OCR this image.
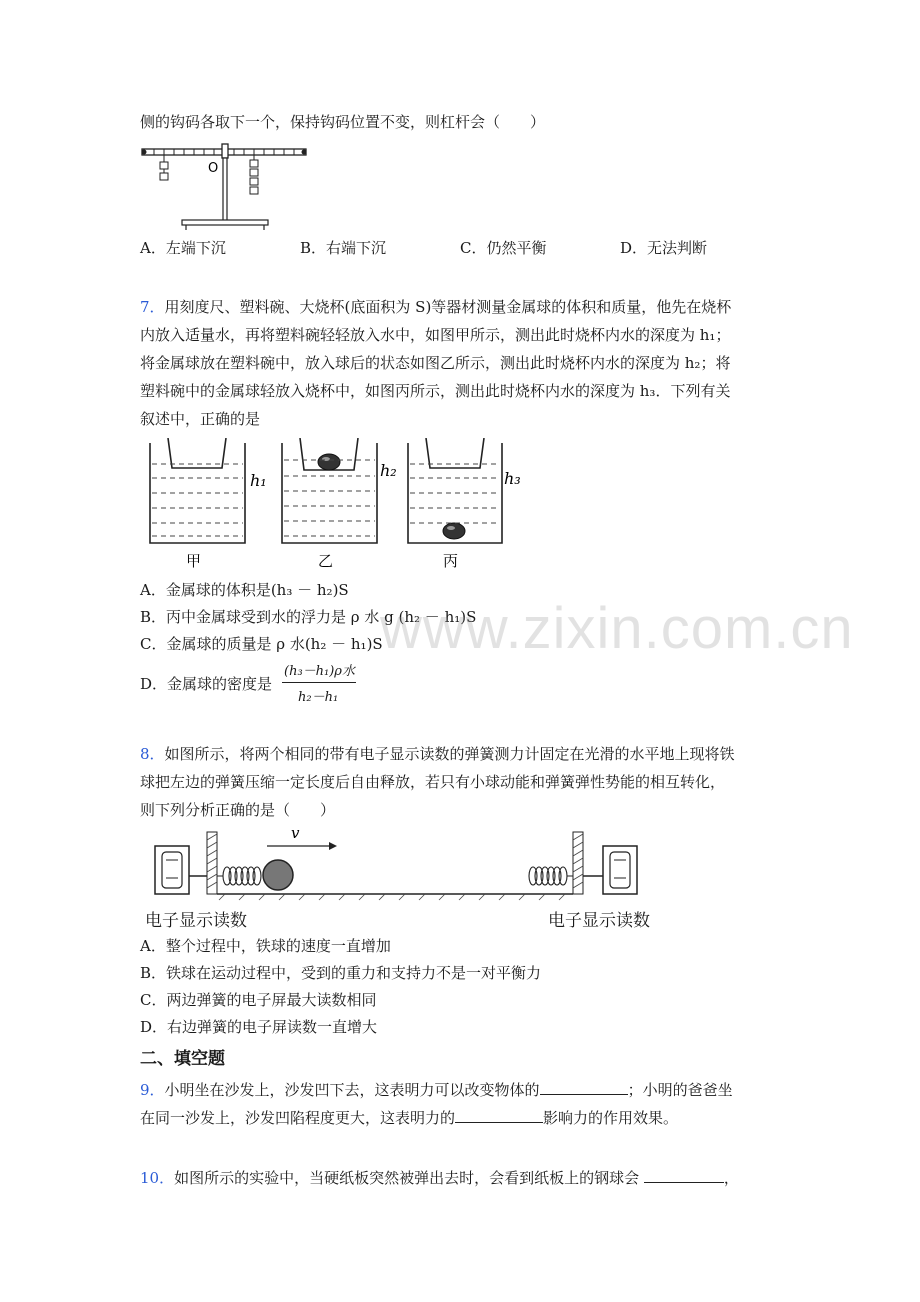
侧的钩码各取下一个，保持钩码位置不变，则杠杆会（　　）
O
A．左端下沉	B．右端下沉	C．仍然平衡	D．无法判断
7．用刻度尺、塑料碗、大烧杯(底面积为 S)等器材测量金属球的体积和质量，他先在烧杯
内放入适量水，再将塑料碗轻轻放入水中，如图甲所示，测出此时烧杯内水的深度为 h₁；
将金属球放在塑料碗中，放入球后的状态如图乙所示，测出此时烧杯内水的深度为 h₂；将
塑料碗中的金属球轻放入烧杯中，如图丙所示，测出此时烧杯内水的深度为 h₃．下列有关
叙述中，正确的是
h₁
甲
h₂
乙
h₃
丙
A．金属球的体积是(h₃ － h₂)S
B．丙中金属球受到水的浮力是 ρ 水 g (h₂ － h₁)S
C．金属球的质量是 ρ 水(h₂ － h₁)S
D．金属球的密度是
(h₃－h₁)ρ水
h₂－h₁
www.zixin.com.cn
8．如图所示，将两个相同的带有电子显示读数的弹簧测力计固定在光滑的水平地上现将铁
球把左边的弹簧压缩一定长度后自由释放，若只有小球动能和弹簧弹性势能的相互转化，
则下列分析正确的是（　　）
v
电子显示读数	电子显示读数
A．整个过程中，铁球的速度一直增加
B．铁球在运动过程中，受到的重力和支持力不是一对平衡力
C．两边弹簧的电子屏最大读数相同
D．右边弹簧的电子屏读数一直增大
二、填空题
9．小明坐在沙发上，沙发凹下去，这表明力可以改变物体的	；小明的爸爸坐
在同一沙发上，沙发凹陷程度更大，这表明力的	影响力的作用效果。
10．如图所示的实验中，当硬纸板突然被弹出去时，会看到纸板上的钢球会	，
